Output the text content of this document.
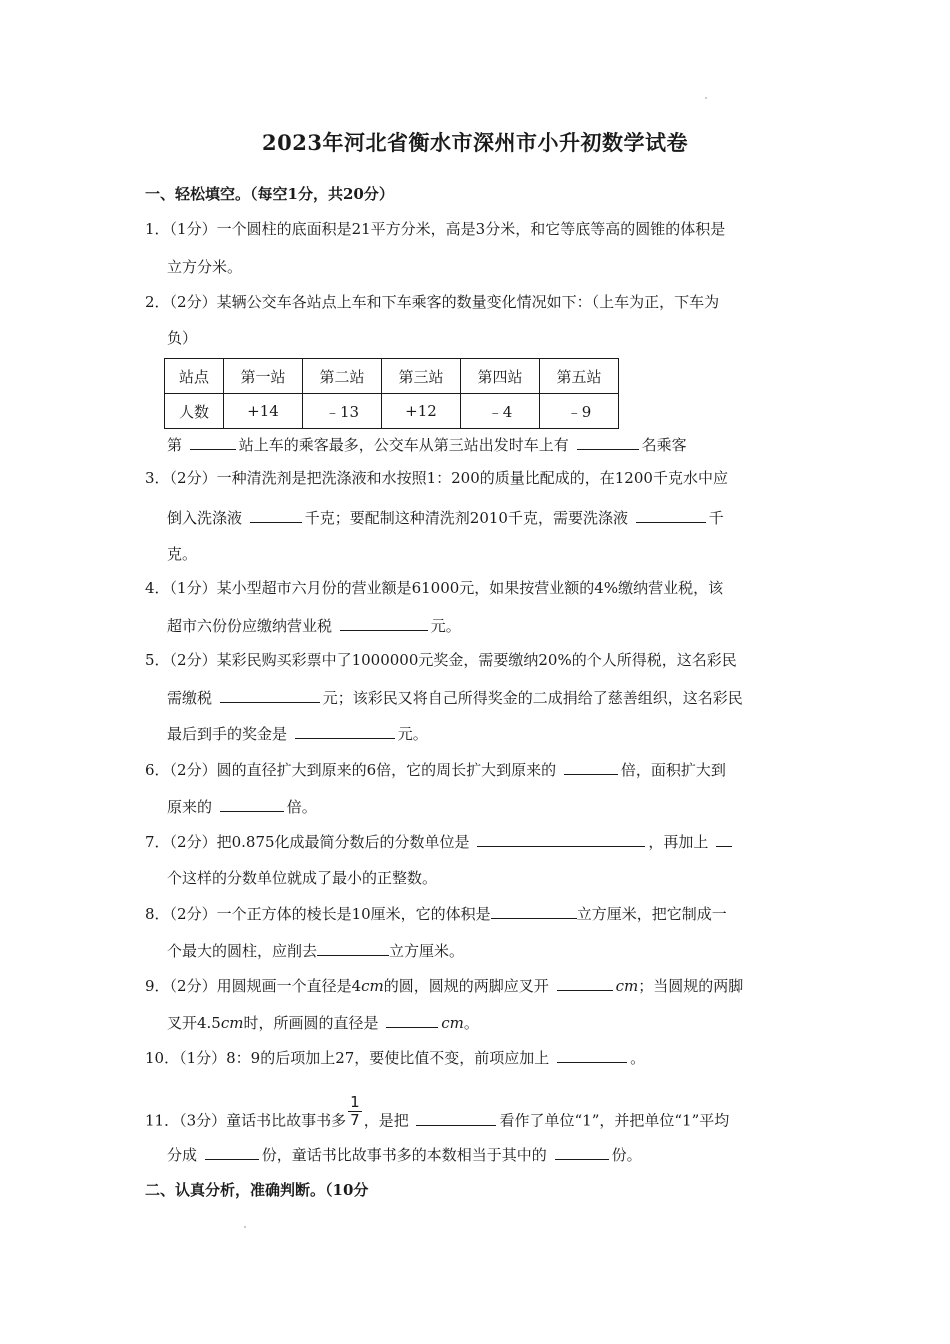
2023年河北省衡水市深州市小升初数学试卷
一、轻松填空。（每空1分，共20分）
1．（1分）一个圆柱的底面积是21平方分米，高是3分米，和它等底等高的圆锥的体积是
立方分米。
2．（2分）某辆公交车各站点上车和下车乘客的数量变化情况如下：（上车为正，下车为
负）
站点	第一站	第二站	第三站	第四站	第五站
人数	+14	﹣13	+12	﹣4	﹣9
第	站上车的乘客最多，公交车从第三站出发时车上有	名乘客
3．（2分）一种清洗剂是把洗涤液和水按照1：200的质量比配成的，在1200千克水中应
倒入洗涤液	千克；要配制这种清洗剂2010千克，需要洗涤液	千
克。
4．（1分）某小型超市六月份的营业额是61000元，如果按营业额的4%缴纳营业税，该
超市六份份应缴纳营业税	元。
5．（2分）某彩民购买彩票中了1000000元奖金，需要缴纳20%的个人所得税，这名彩民
需缴税	元；该彩民又将自己所得奖金的二成捐给了慈善组织，这名彩民
最后到手的奖金是	元。
6．（2分）圆的直径扩大到原来的6倍，它的周长扩大到原来的	倍，面积扩大到
原来的	倍。
7．（2分）把0.875化成最简分数后的分数单位是	，再加上
个这样的分数单位就成了最小的正整数。
8．（2分）一个正方体的棱长是10厘米，它的体积是	立方厘米，把它制成一
个最大的圆柱，应削去	立方厘米。
9．（2分）用圆规画一个直径是4cm的圆，圆规的两脚应叉开	cm；当圆规的两脚
叉开4.5cm时，所画圆的直径是	cm。
10．（1分）8：9的后项加上27，要使比值不变，前项应加上	。
11．（3分）童话书比故事书多 $\frac{1}{7}$ ，是把	看作了单位“1”，并把单位“1”平均
分成	份，童话书比故事书多的本数相当于其中的	份。
二、认真分析，准确判断。（10分
